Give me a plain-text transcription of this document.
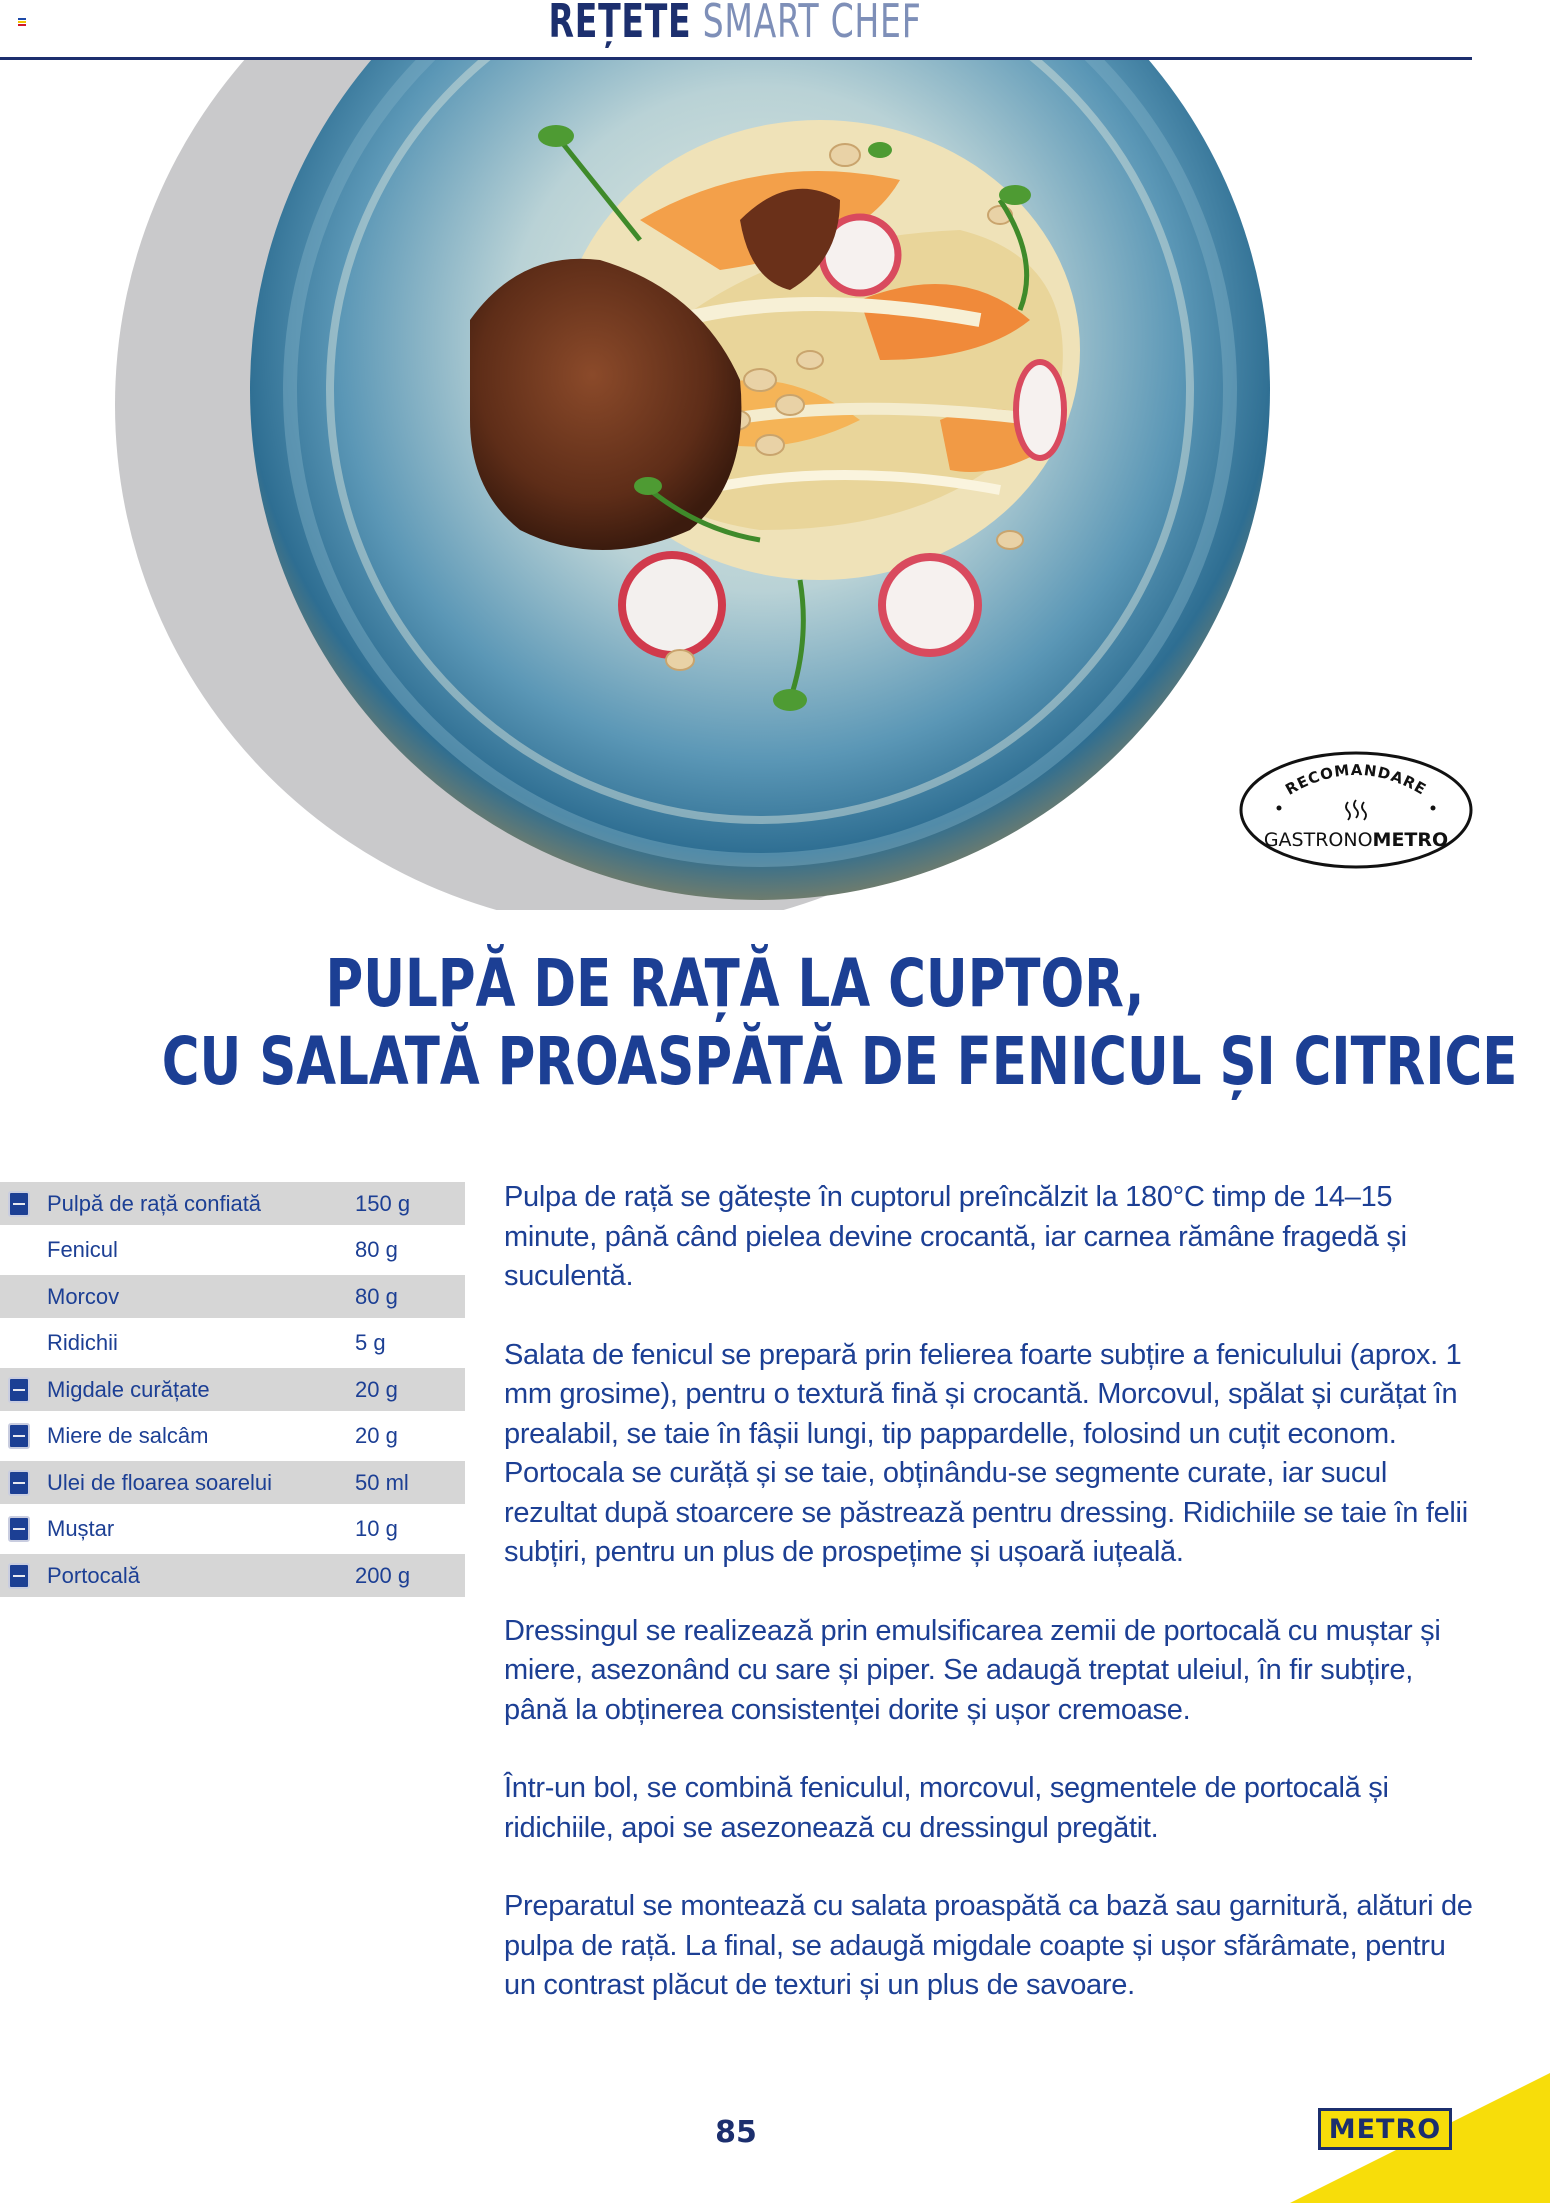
REȚETE SMART CHEF
RECOMANDARE
GASTRONOMETRO
PULPĂ DE RAȚĂ LA CUPTOR,
CU SALATĂ PROASPĂTĂ DE FENICUL ȘI CITRICE
Pulpă de rață confiată	150 g
Fenicul	80 g
Morcov	80 g
Ridichii	5 g
Migdale curățate	20 g
Miere de salcâm	20 g
Ulei de floarea soarelui	50 ml
Muștar	10 g
Portocală	200 g

Pulpa de rață se gătește în cuptorul preîncălzit la 180°C timp de 14–15 minute, până când pielea devine crocantă, iar carnea rămâne fragedă și suculentă.

Salata de fenicul se prepară prin felierea foarte subțire a feniculului (aprox. 1 mm grosime), pentru o textură fină și crocantă. Morcovul, spălat și curățat în prealabil, se taie în fâșii lungi, tip pappardelle, folosind un cuțit econom. Portocala se curăță și se taie, obținându-se segmente curate, iar sucul rezultat după stoarcere se păstrează pentru dressing. Ridichiile se taie în felii subțiri, pentru un plus de prospețime și ușoară iuțeală.

Dressingul se realizează prin emulsificarea zemii de portocală cu muștar și miere, asezonând cu sare și piper. Se adaugă treptat uleiul, în fir subțire, până la obținerea consistenței dorite și ușor cremoase.

Într-un bol, se combină feniculul, morcovul, segmentele de portocală și ridichiile, apoi se asezonează cu dressingul pregătit.

Preparatul se montează cu salata proaspătă ca bază sau garnitură, alături de pulpa de rață. La final, se adaugă migdale coapte și ușor sfărâmate, pentru un contrast plăcut de texturi și un plus de savoare.

85	METRO
